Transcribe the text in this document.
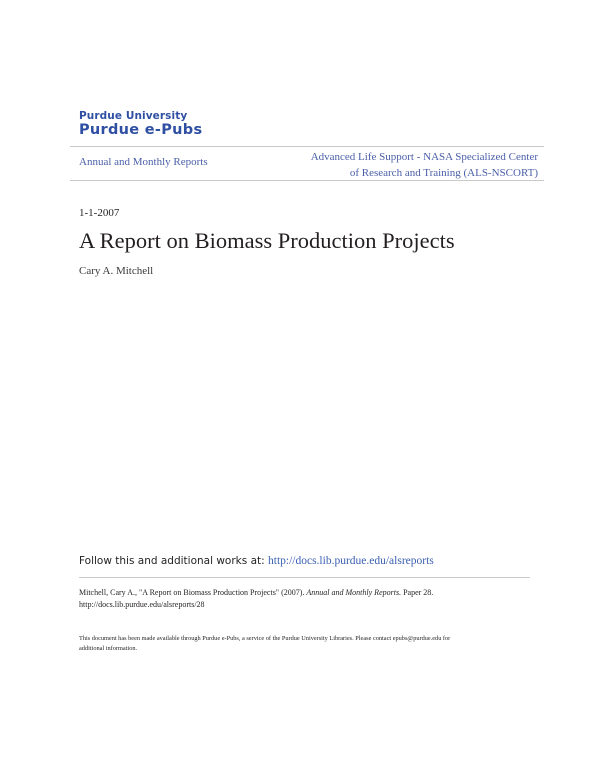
Purdue University
Purdue e-Pubs
Annual and Monthly Reports	Advanced Life Support - NASA Specialized Center
of Research and Training (ALS-NSCORT)
1-1-2007
A Report on Biomass Production Projects
Cary A. Mitchell
Follow this and additional works at: http://docs.lib.purdue.edu/alsreports
Mitchell, Cary A., "A Report on Biomass Production Projects" (2007). Annual and Monthly Reports. Paper 28.
http://docs.lib.purdue.edu/alsreports/28
This document has been made available through Purdue e-Pubs, a service of the Purdue University Libraries. Please contact epubs@purdue.edu for
additional information.
